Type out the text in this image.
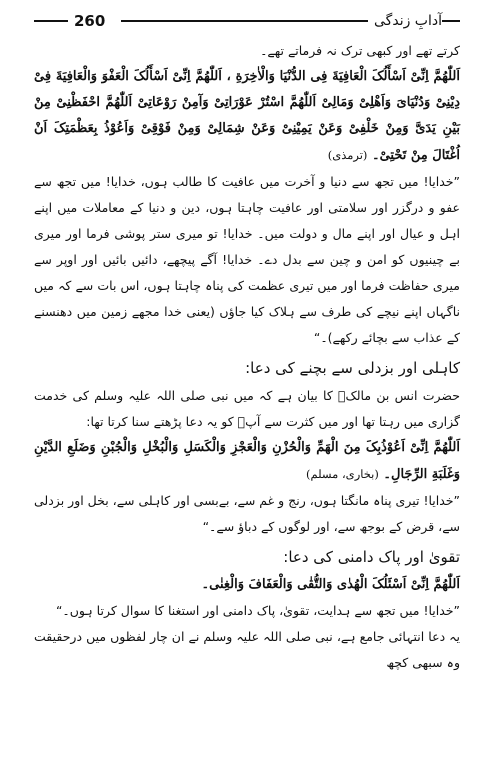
260	آدابِ زندگی

کرتے تھے اور کبھی ترک نہ فرماتے تھے۔

اَللّٰهُمَّ اِنِّیْ اَسْأَلُکَ الْعَافِیَةَ فِی الدُّنْیَا وَالْاٰخِرَةِ ، اَللّٰهُمَّ اِنِّیْ اَسْأَلُکَ الْعَفْوَ وَالْعَافِیَةَ فِیْ دِیْنِیْ وَدُنْیَایَ وَاَهْلِیْ وَمَالِیْ اَللّٰهُمَّ اسْتُرْ عَوْرَاتِیْ وَآمِنْ رَوْعَاتِیْ اَللّٰهُمَّ احْفَظْنِیْ مِنْ بَیْنِ یَدَیَّ وَمِنْ خَلْفِیْ وَعَنْ یَمِیْنِیْ وَعَنْ شِمَالِیْ وَمِنْ فَوْقِیْ وَاَعُوْذُ بِعَظْمَتِکَ اَنْ اُغْتَالَ مِنْ تَحْتِیْ۔ (ترمذی)

”خدایا! میں تجھ سے دنیا و آخرت میں عافیت کا طالب ہوں، خدایا! میں تجھ سے عفو و درگزر اور سلامتی اور عافیت چاہتا ہوں، دین و دنیا کے معاملات میں اپنے اہل و عیال اور اپنے مال و دولت میں۔ خدایا! تو میری ستر پوشی فرما اور میری بے چینیوں کو امن و چین سے بدل دے۔ خدایا! آگے پیچھے، دائیں بائیں اور اوپر سے میری حفاظت فرما اور میں تیری عظمت کی پناہ چاہتا ہوں، اس بات سے کہ میں ناگہاں اپنے نیچے کی طرف سے ہلاک کیا جاؤں (یعنی خدا مجھے زمین میں دھنسنے کے عذاب سے بچائے رکھے)۔“

کاہلی اور بزدلی سے بچنے کی دعا:

حضرت انس بن مالکؓ کا بیان ہے کہ میں نبی صلی اللہ علیہ وسلم کی خدمت گزاری میں رہتا تھا اور میں کثرت سے آپؐ کو یہ دعا پڑھتے سنا کرتا تھا:

اَللّٰهُمَّ اِنِّیْ اَعُوْذُبِکَ مِنَ الْهَمِّ وَالْحُزْنِ وَالْعَجْزِ وَالْکَسَلِ وَالْبُخْلِ وَالْجُبْنِ وَضَلَعِ الدَّیْنِ وَغَلَبَةِ الرِّجَالِ۔ (بخاری، مسلم)

”خدایا! تیری پناہ مانگتا ہوں، رنج و غم سے، بےبسی اور کاہلی سے، بخل اور بزدلی سے، قرض کے بوجھ سے، اور لوگوں کے دباؤ سے۔“

تقویٰ اور پاک دامنی کی دعا:

اَللّٰهُمَّ اِنِّیْ اَسْئَلُکَ الْهُدٰی وَالتُّقٰی وَالْعَفَافَ وَالْغِنٰی۔

”خدایا! میں تجھ سے ہدایت، تقویٰ، پاک دامنی اور استغنا کا سوال کرتا ہوں۔“

یہ دعا انتہائی جامع ہے، نبی صلی اللہ علیہ وسلم نے ان چار لفظوں میں درحقیقت وہ سبھی کچھ
